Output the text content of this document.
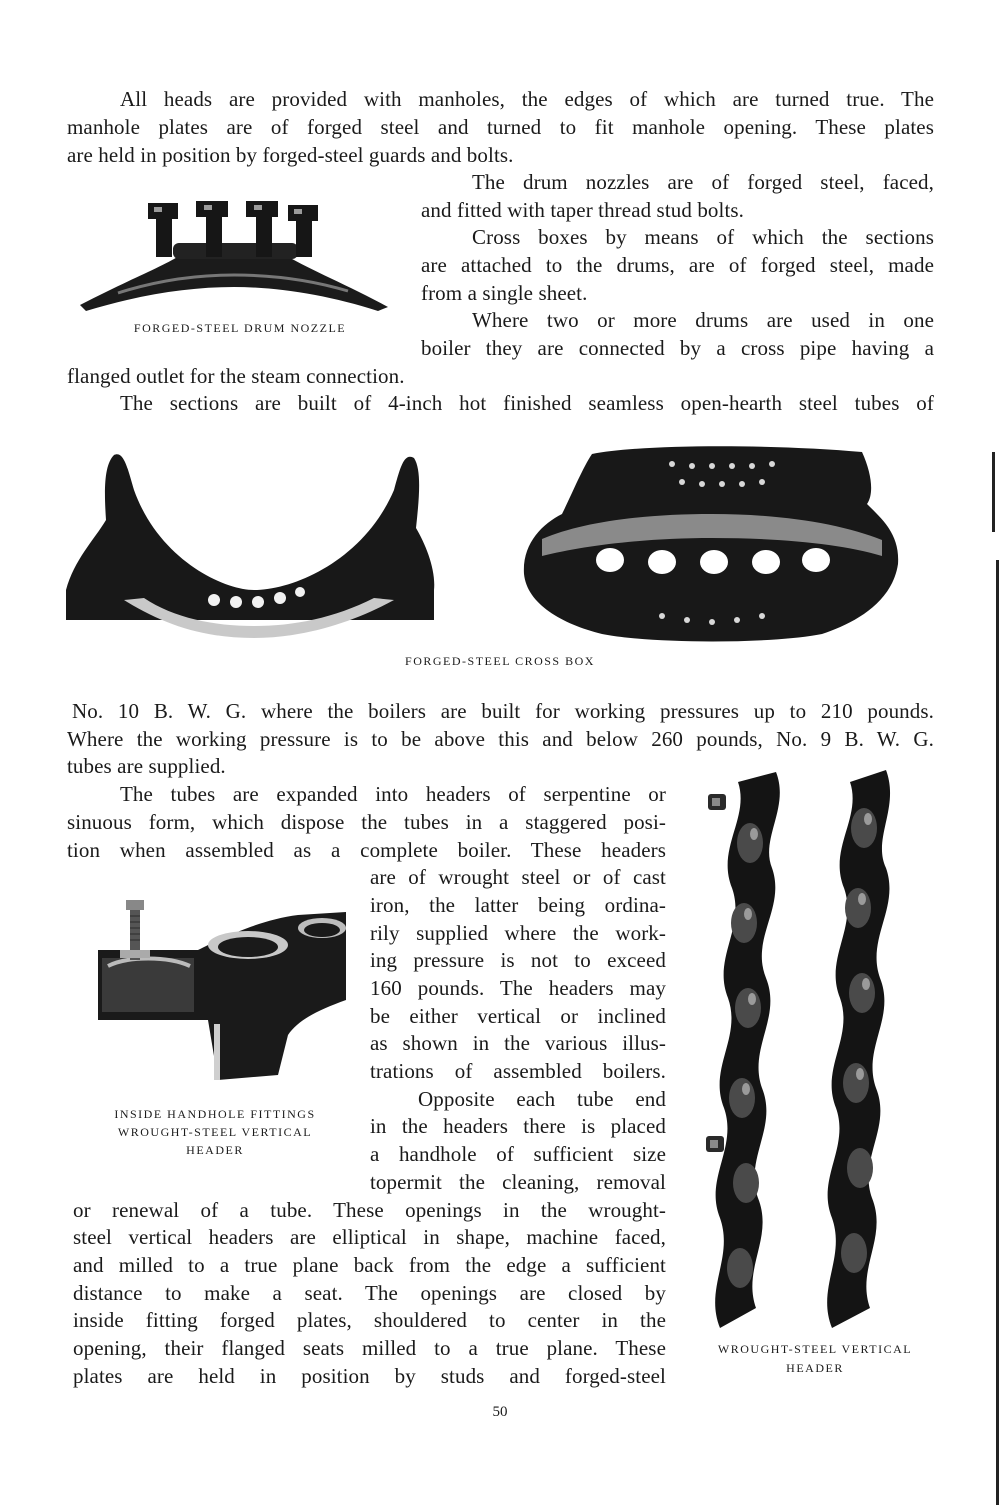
All heads are provided with manholes, the edges of which are turned true. The
manhole plates are of forged steel and turned to fit manhole opening. These plates
are held in position by forged-steel guards and bolts.
The drum nozzles are of forged steel, faced,
and fitted with taper thread stud bolts.
Cross boxes by means of which the sections
are attached to the drums, are of forged steel, made
from a single sheet.
Where two or more drums are used in one
boiler they are connected by a cross pipe having a
flanged outlet for the steam connection.
The sections are built of 4-inch hot finished seamless open-hearth steel tubes of
FORGED-STEEL DRUM NOZZLE
FORGED-STEEL CROSS BOX
No. 10 B. W. G. where the boilers are built for working pressures up to 210 pounds.
Where the working pressure is to be above this and below 260 pounds, No. 9 B. W. G.
tubes are supplied.
The tubes are expanded into headers of serpentine or
sinuous form, which dispose the tubes in a staggered posi-
tion when assembled as a complete boiler. These headers
are of wrought steel or of cast
iron, the latter being ordina-
rily supplied where the work-
ing pressure is not to exceed
160 pounds. The headers may
be either vertical or inclined
as shown in the various illus-
trations of assembled boilers.
Opposite each tube end
in the headers there is placed
a handhole of sufficient size
topermit the cleaning, removal
or renewal of a tube. These openings in the wrought-
steel vertical headers are elliptical in shape, machine faced,
and milled to a true plane back from the edge a sufficient
distance to make a seat. The openings are closed by
inside fitting forged plates, shouldered to center in the
opening, their flanged seats milled to a true plane. These
plates are held in position by studs and forged-steel
INSIDE HANDHOLE FITTINGS
WROUGHT-STEEL VERTICAL
HEADER
WROUGHT-STEEL VERTICAL
HEADER
50
